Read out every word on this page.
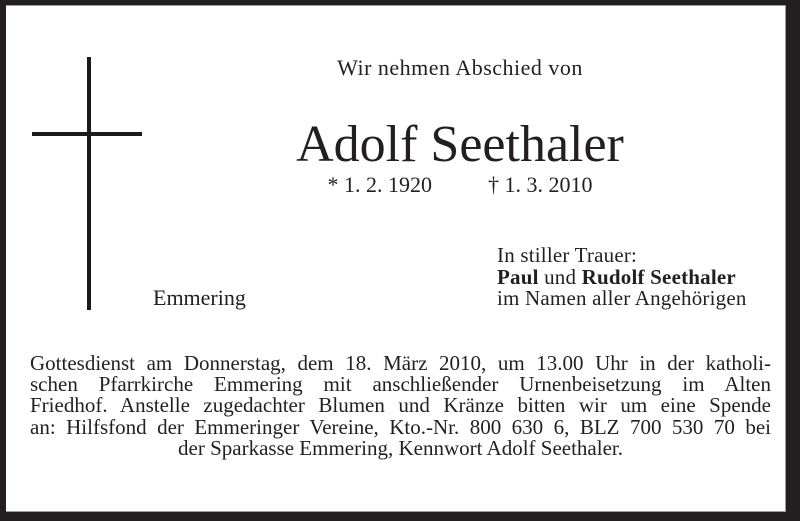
Wir nehmen Abschied von
Adolf Seethaler
* 1. 2. 1920	† 1. 3. 2010
In stiller Trauer:
Paul und Rudolf Seethaler
im Namen aller Angehörigen
Emmering
Gottesdienst am Donnerstag, dem 18. März 2010, um 13.00 Uhr in der katholi-
schen Pfarrkirche Emmering mit anschließender Urnenbeisetzung im Alten
Friedhof. Anstelle zugedachter Blumen und Kränze bitten wir um eine Spende
an: Hilfsfond der Emmeringer Vereine, Kto.-Nr. 800 630 6, BLZ 700 530 70 bei
der Sparkasse Emmering, Kennwort Adolf Seethaler.
